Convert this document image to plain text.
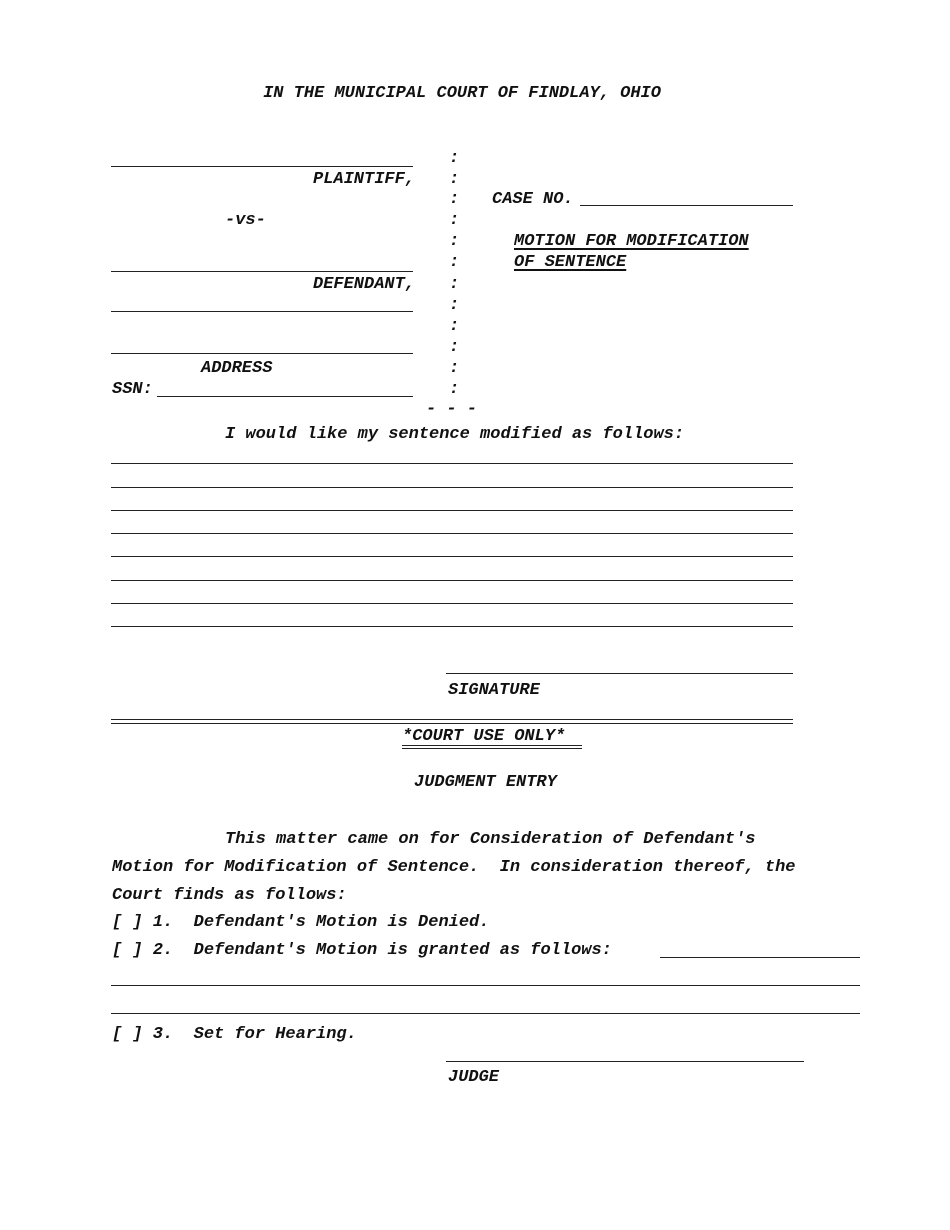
IN THE MUNICIPAL COURT OF FINDLAY, OHIO
PLAINTIFF,
-vs-
DEFENDANT,
ADDRESS
SSN:
:
:
:
:
:
:
:
:
:
:
:
:
- - -
CASE NO.
MOTION FOR MODIFICATION
OF SENTENCE
I would like my sentence modified as follows:
SIGNATURE
*COURT USE ONLY*
JUDGMENT ENTRY
This matter came on for Consideration of Defendant's
Motion for Modification of Sentence.  In consideration thereof, the
Court finds as follows:
[ ] 1.  Defendant's Motion is Denied.
[ ] 2.  Defendant's Motion is granted as follows:
[ ] 3.  Set for Hearing.
JUDGE
